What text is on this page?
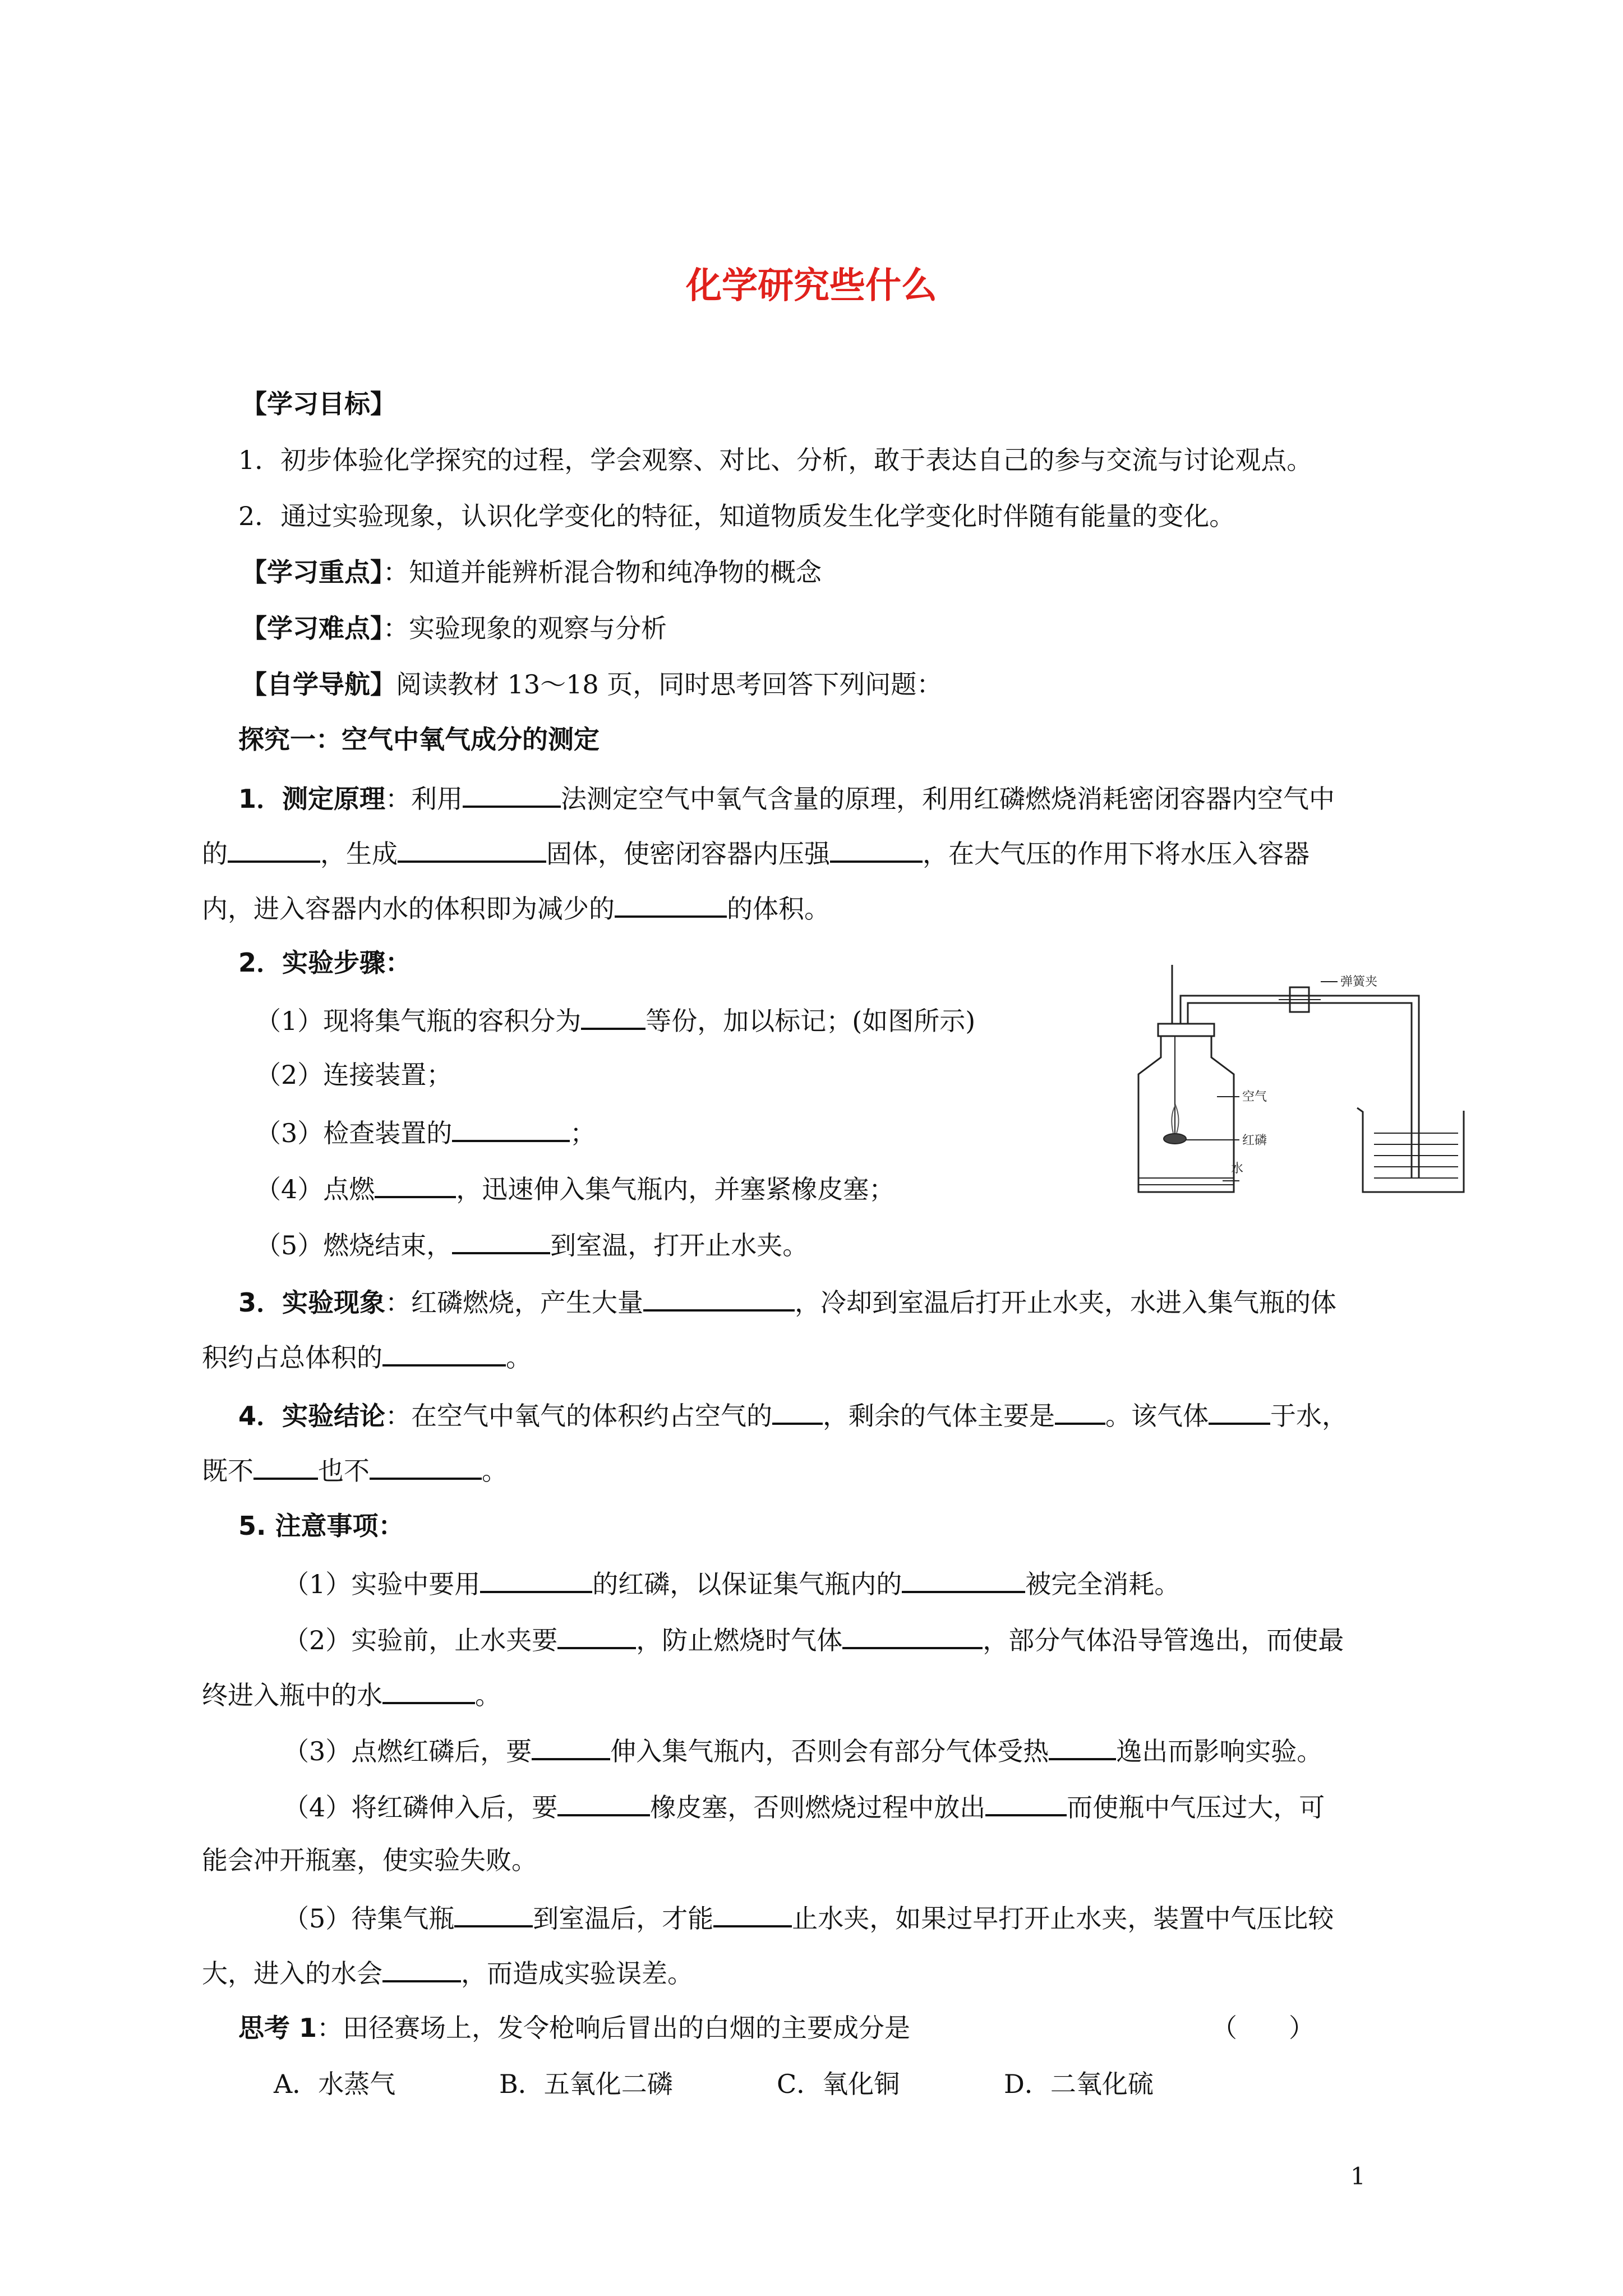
化学研究些什么
【学习目标】
1．初步体验化学探究的过程，学会观察、对比、分析，敢于表达自己的参与交流与讨论观点。
2．通过实验现象，认识化学变化的特征，知道物质发生化学变化时伴随有能量的变化。
【学习重点】：知道并能辨析混合物和纯净物的概念
【学习难点】：实验现象的观察与分析
【自学导航】阅读教材 13～18 页，同时思考回答下列问题：
探究一：空气中氧气成分的测定
1．测定原理：利用	法测定空气中氧气含量的原理，利用红磷燃烧消耗密闭容器内空气中
的	，生成	固体，使密闭容器内压强	，在大气压的作用下将水压入容器
内，进入容器内水的体积即为减少的	的体积。
2．实验步骤：
（1）现将集气瓶的容积分为	等份，加以标记；(如图所示)
（2）连接装置；
（3）检查装置的	；
（4）点燃	，迅速伸入集气瓶内，并塞紧橡皮塞；
（5）燃烧结束，	到室温，打开止水夹。
弹簧夹
空气
红磷
水
3．实验现象：红磷燃烧，产生大量	，冷却到室温后打开止水夹，水进入集气瓶的体
积约占总体积的	。
4．实验结论：在空气中氧气的体积约占空气的 ，剩余的气体主要是 。该气体 于水，
既不	也不	。
5. 注意事项：
（1）实验中要用	的红磷，以保证集气瓶内的	被完全消耗。
（2）实验前，止水夹要	，防止燃烧时气体	，部分气体沿导管逸出，而使最
终进入瓶中的水	。
（3）点燃红磷后，要	伸入集气瓶内，否则会有部分气体受热	逸出而影响实验。
（4）将红磷伸入后，要	橡皮塞，否则燃烧过程中放出	而使瓶中气压过大，可
能会冲开瓶塞，使实验失败。
（5）待集气瓶	到室温后，才能	止水夹，如果过早打开止水夹，装置中气压比较
大，进入的水会	，而造成实验误差。
思考 1：田径赛场上，发令枪响后冒出的白烟的主要成分是	（　　）
A．水蒸气	B．五氧化二磷	C．氧化铜	D．二氧化硫
1
